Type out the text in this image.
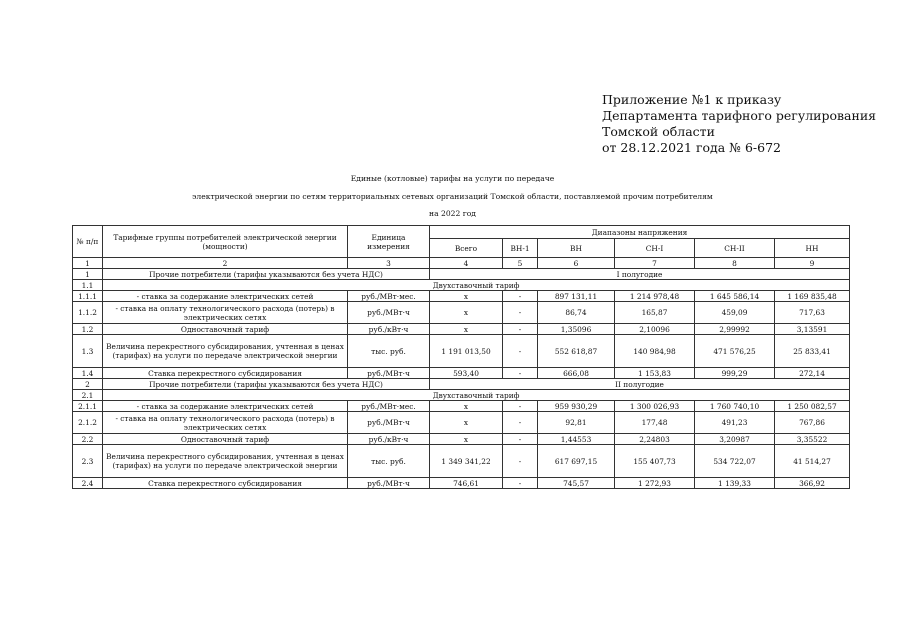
Приложение №1 к приказу
Департамента тарифного регулирования
Томской области
от 28.12.2021 года № 6-672
Единые (котловые) тарифы на услуги по передаче
электрической энергии по сетям территориальных сетевых организаций Томской области, поставляемой прочим потребителям
на 2022 год
№ п/п	Тарифные группы потребителей электрической энергии (мощности)	Единица измерения	Диапазоны напряжения					
			Всего	ВН-1	ВН	СН-I	СН-II	НН
1	2	3	4	5	6	7	8	9
1	Прочие потребители (тарифы указываются без учета НДС)		I полугодие					
1.1	Двухставочный тариф							
1.1.1	- ставка за содержание электрических сетей	руб./МВт·мес.	х	-	897 131,11	1 214 978,48	1 645 586,14	1 169 835,48
1.1.2	- ставка на оплату технологического расхода (потерь) в электрических сетях	руб./МВт·ч	х	-	86,74	165,87	459,09	717,63
1.2	Одноставочный тариф	руб./кВт·ч	х	-	1,35096	2,10096	2,99992	3,13591
1.3	Величина перекрестного субсидирования, учтенная в ценах (тарифах) на услуги по передаче электрической энергии	тыс. руб.	1 191 013,50	-	552 618,87	140 984,98	471 576,25	25 833,41
1.4	Ставка перекрестного субсидирования	руб./МВт·ч	593,40	-	666,08	1 153,83	999,29	272,14
2	Прочие потребители (тарифы указываются без учета НДС)		II полугодие					
2.1	Двухставочный тариф							
2.1.1	- ставка за содержание электрических сетей	руб./МВт·мес.	х	-	959 930,29	1 300 026,93	1 760 740,10	1 250 082,57
2.1.2	- ставка на оплату технологического расхода (потерь) в электрических сетях	руб./МВт·ч	х	-	92,81	177,48	491,23	767,86
2.2	Одноставочный тариф	руб./кВт·ч	х	-	1,44553	2,24803	3,20987	3,35522
2.3	Величина перекрестного субсидирования, учтенная в ценах (тарифах) на услуги по передаче электрической энергии	тыс. руб.	1 349 341,22	-	617 697,15	155 407,73	534 722,07	41 514,27
2.4	Ставка перекрестного субсидирования	руб./МВт·ч	746,61	-	745,57	1 272,93	1 139,33	366,92
